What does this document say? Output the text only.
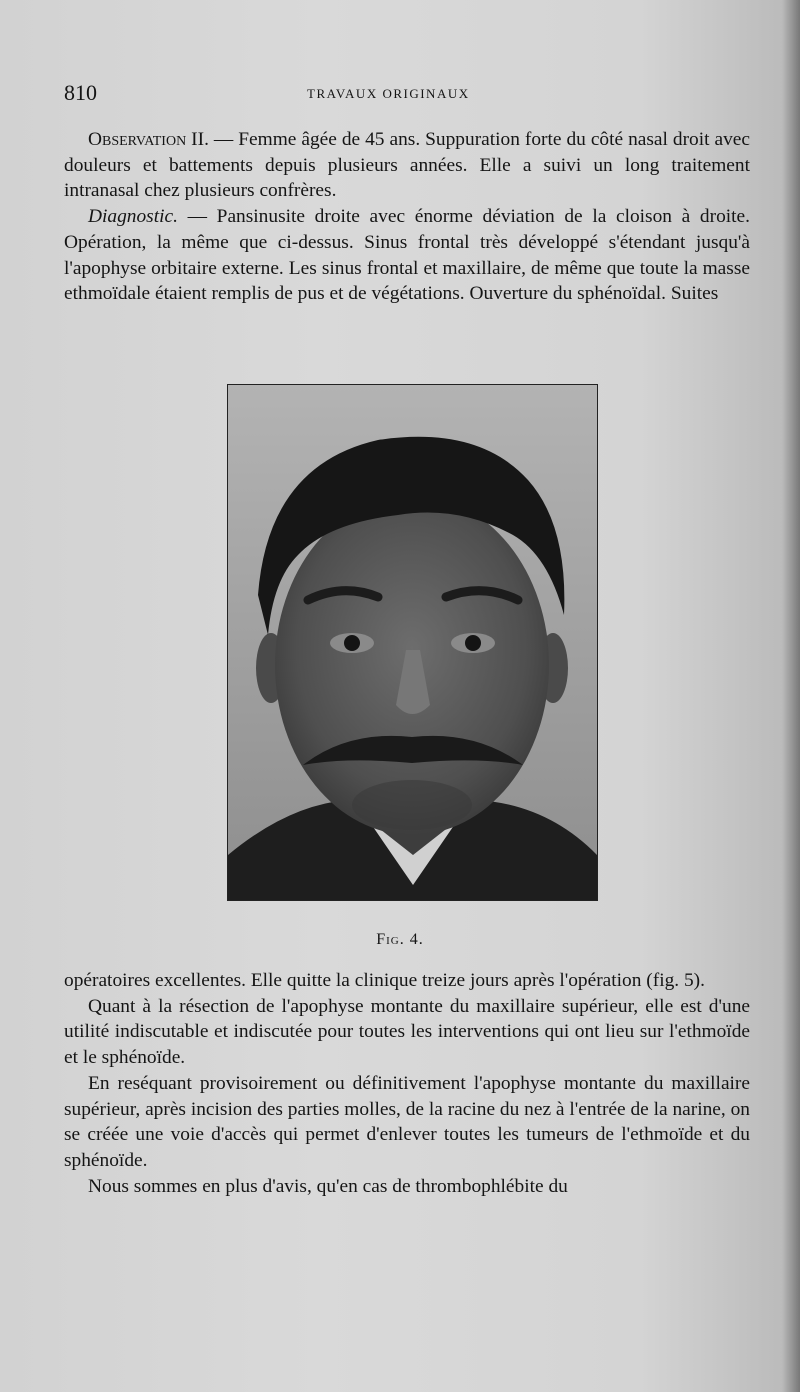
810	TRAVAUX ORIGINAUX

Observation II. — Femme âgée de 45 ans. Suppuration forte du côté nasal droit avec douleurs et battements depuis plusieurs années. Elle a suivi un long traitement intranasal chez plusieurs confrères.

Diagnostic. — Pansinusite droite avec énorme déviation de la cloison à droite. Opération, la même que ci-dessus. Sinus frontal très développé s'étendant jusqu'à l'apophyse orbitaire externe. Les sinus frontal et maxillaire, de même que toute la masse ethmoïdale étaient remplis de pus et de végétations. Ouverture du sphénoïdal. Suites

Fig. 4.

opératoires excellentes. Elle quitte la clinique treize jours après l'opération (fig. 5).

Quant à la résection de l'apophyse montante du maxillaire supérieur, elle est d'une utilité indiscutable et indiscutée pour toutes les interventions qui ont lieu sur l'ethmoïde et le sphénoïde.

En reséquant provisoirement ou définitivement l'apophyse montante du maxillaire supérieur, après incision des parties molles, de la racine du nez à l'entrée de la narine, on se créée une voie d'accès qui permet d'enlever toutes les tumeurs de l'ethmoïde et du sphénoïde.

Nous sommes en plus d'avis, qu'en cas de thrombophlébite du
